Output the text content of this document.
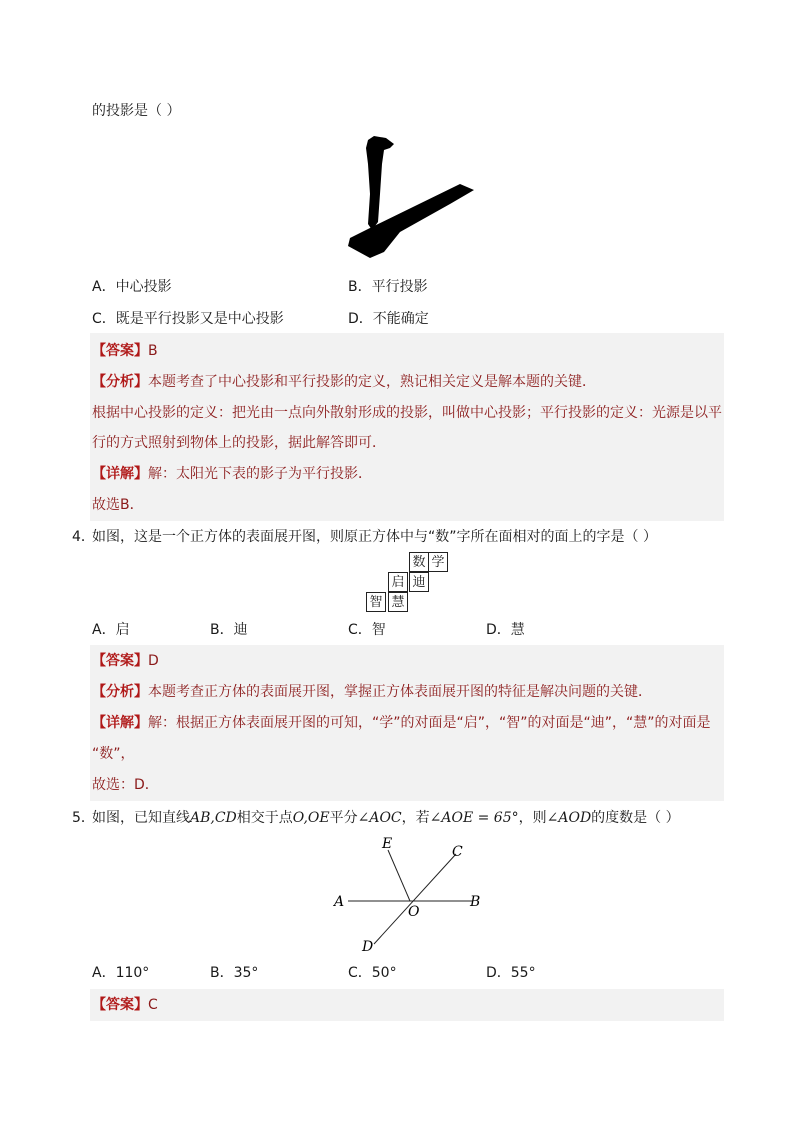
的投影是（ ）
A．中心投影	B．平行投影
C．既是平行投影又是中心投影	D．不能确定
【答案】B
【分析】本题考查了中心投影和平行投影的定义，熟记相关定义是解本题的关键．
根据中心投影的定义：把光由一点向外散射形成的投影，叫做中心投影；平行投影的定义：光源是以平
行的方式照射到物体上的投影，据此解答即可．
【详解】解：太阳光下表的影子为平行投影．
故选B．
4．
如图，这是一个正方体的表面展开图，则原正方体中与“数”字所在面相对的面上的字是（ ）
数 学
启 迪
智 慧
A．启	B．迪	C．智	D．慧
【答案】D
【分析】本题考查正方体的表面展开图，掌握正方体表面展开图的特征是解决问题的关键．
【详解】解：根据正方体表面展开图的可知，“学”的对面是“启”，“智”的对面是“迪”，“慧”的对面是
“数”，
故选：D．
5．
如图，已知直线AB,CD相交于点O,OE平分∠AOC，若∠AOE = 65°，则∠AOD的度数是（ ）
A	B
C
D
E
O
A．110°	B．35°	C．50°	D．55°
【答案】C
